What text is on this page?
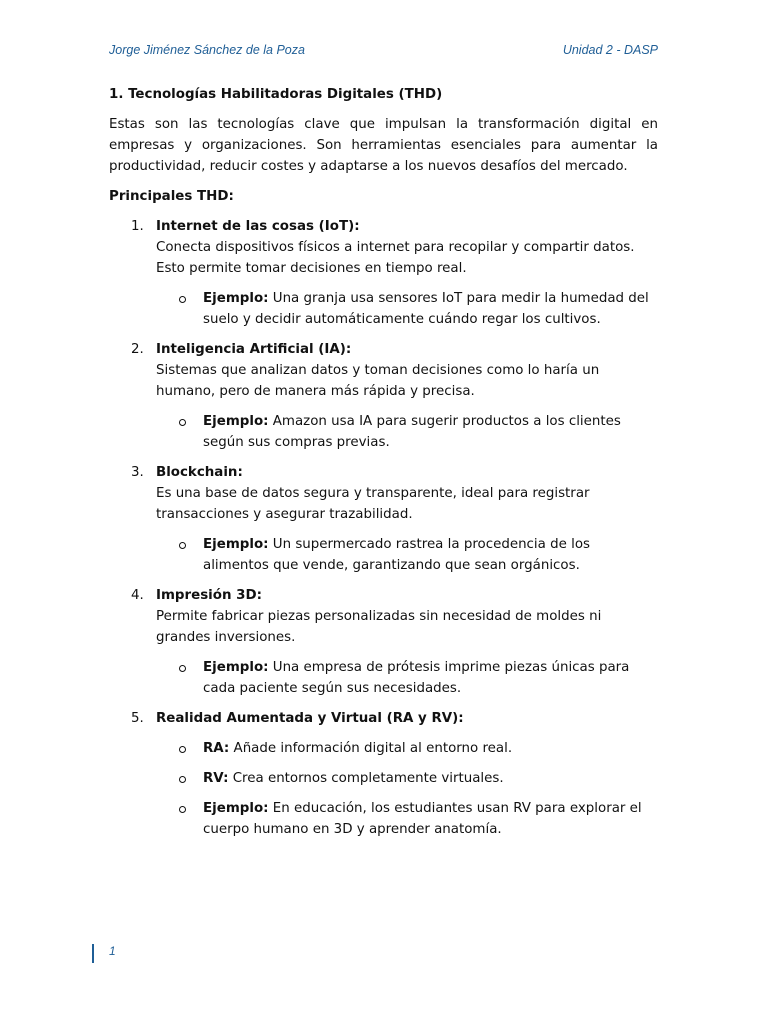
Jorge Jiménez Sánchez de la Poza	Unidad 2 - DASP

1. Tecnologías Habilitadoras Digitales (THD)

Estas son las tecnologías clave que impulsan la transformación digital en empresas y organizaciones. Son herramientas esenciales para aumentar la productividad, reducir costes y adaptarse a los nuevos desafíos del mercado.

Principales THD:

1. Internet de las cosas (IoT):
Conecta dispositivos físicos a internet para recopilar y compartir datos. Esto permite tomar decisiones en tiempo real.
Ejemplo: Una granja usa sensores IoT para medir la humedad del suelo y decidir automáticamente cuándo regar los cultivos.
2. Inteligencia Artificial (IA):
Sistemas que analizan datos y toman decisiones como lo haría un humano, pero de manera más rápida y precisa.
Ejemplo: Amazon usa IA para sugerir productos a los clientes según sus compras previas.
3. Blockchain:
Es una base de datos segura y transparente, ideal para registrar transacciones y asegurar trazabilidad.
Ejemplo: Un supermercado rastrea la procedencia de los alimentos que vende, garantizando que sean orgánicos.
4. Impresión 3D:
Permite fabricar piezas personalizadas sin necesidad de moldes ni grandes inversiones.
Ejemplo: Una empresa de prótesis imprime piezas únicas para cada paciente según sus necesidades.
5. Realidad Aumentada y Virtual (RA y RV):
RA: Añade información digital al entorno real.
RV: Crea entornos completamente virtuales.
Ejemplo: En educación, los estudiantes usan RV para explorar el cuerpo humano en 3D y aprender anatomía.
1
